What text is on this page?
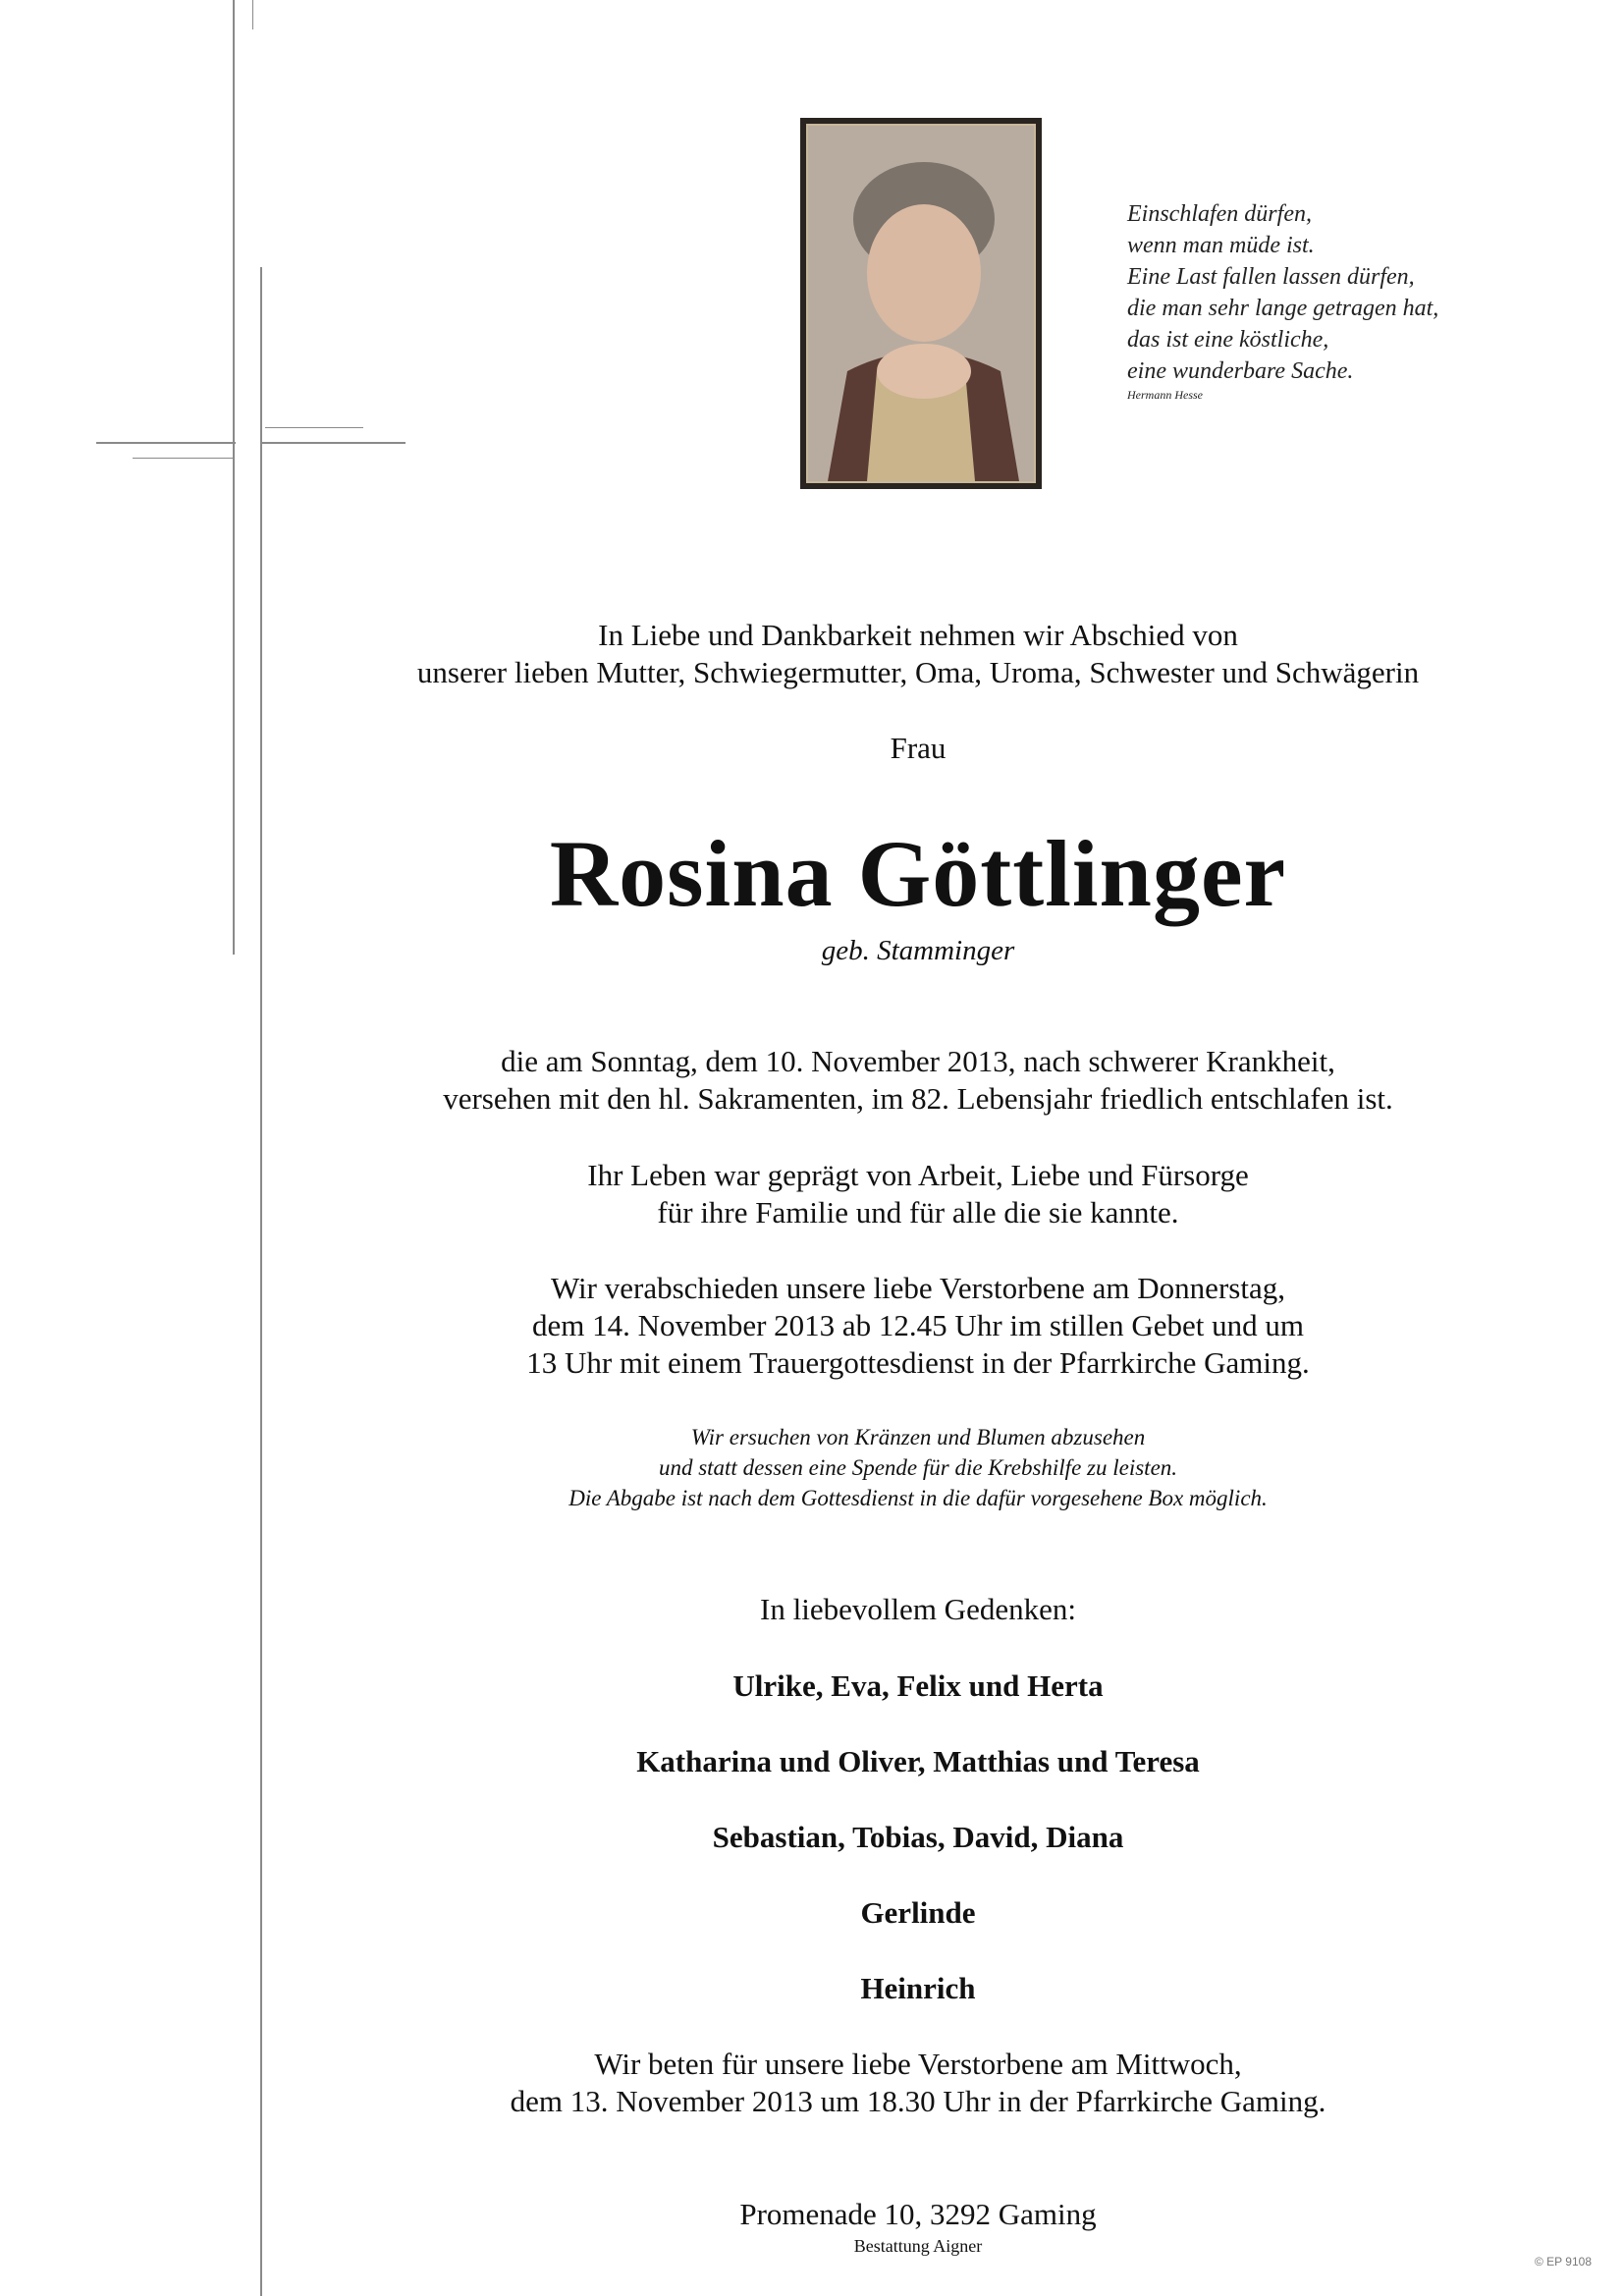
Einschlafen dürfen,
wenn man müde ist.
Eine Last fallen lassen dürfen,
die man sehr lange getragen hat,
das ist eine köstliche,
eine wunderbare Sache.
Hermann Hesse
In Liebe und Dankbarkeit nehmen wir Abschied von
unserer lieben Mutter, Schwiegermutter, Oma, Uroma, Schwester und Schwägerin
Frau
Rosina Göttlinger
geb. Stamminger
die am Sonntag, dem 10. November 2013, nach schwerer Krankheit,
versehen mit den hl. Sakramenten, im 82. Lebensjahr friedlich entschlafen ist.
Ihr Leben war geprägt von Arbeit, Liebe und Fürsorge
für ihre Familie und für alle die sie kannte.
Wir verabschieden unsere liebe Verstorbene am Donnerstag,
dem 14. November 2013 ab 12.45 Uhr im stillen Gebet und um
13 Uhr mit einem Trauergottesdienst in der Pfarrkirche Gaming.
Wir ersuchen von Kränzen und Blumen abzusehen
und statt dessen eine Spende für die Krebshilfe zu leisten.
Die Abgabe ist nach dem Gottesdienst in die dafür vorgesehene Box möglich.
In liebevollem Gedenken:
Ulrike, Eva, Felix und Herta
Katharina und Oliver, Matthias und Teresa
Sebastian, Tobias, David, Diana
Gerlinde
Heinrich
Wir beten für unsere liebe Verstorbene am Mittwoch,
dem 13. November 2013 um 18.30 Uhr in der Pfarrkirche Gaming.
Promenade 10, 3292 Gaming
Bestattung Aigner
© EP 9108
